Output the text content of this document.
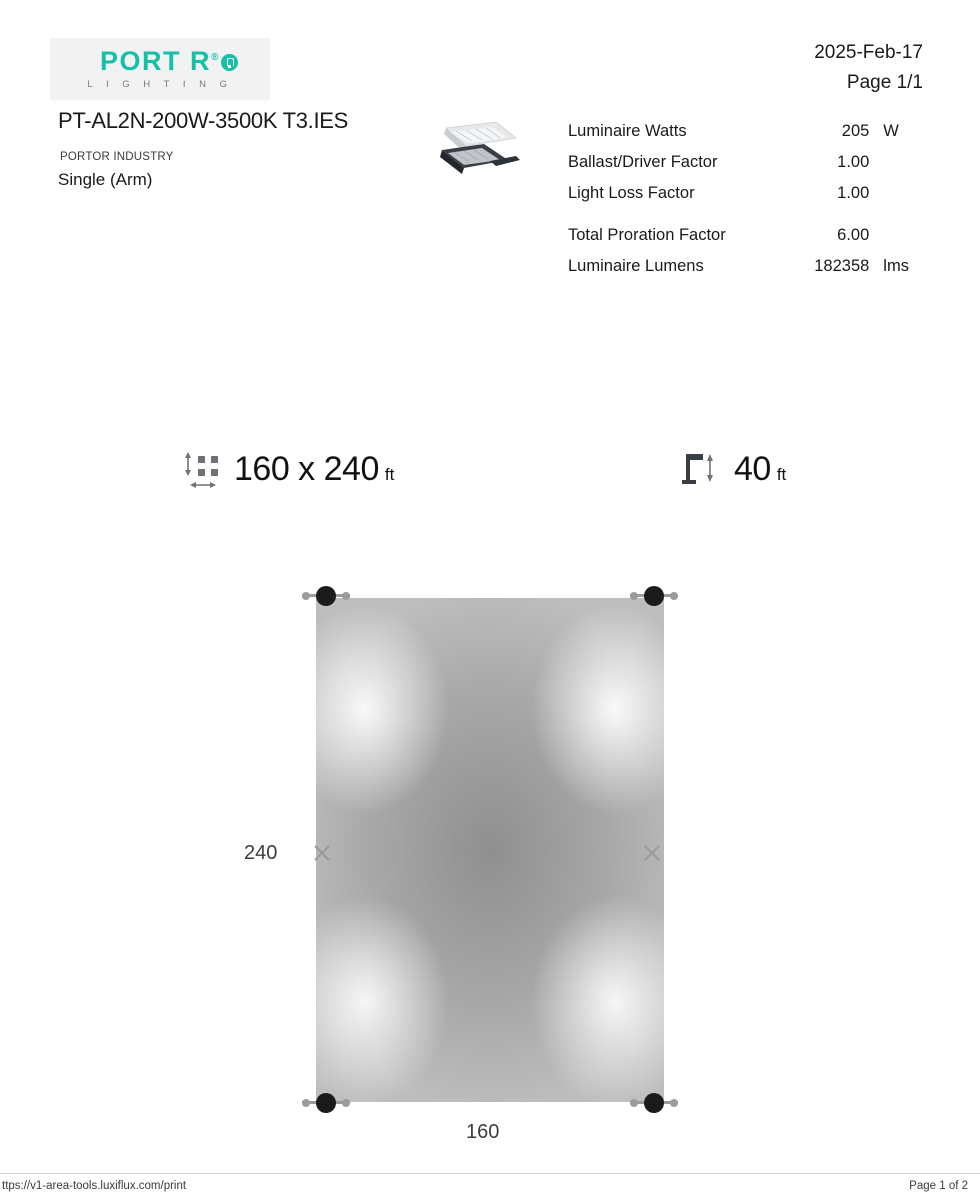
PORT R®
L I G H T I N G
2025-Feb-17
Page 1/1
PT-AL2N-200W-3500K T3.IES
PORTOR INDUSTRY
Single (Arm)
Luminaire Watts	205 W
Ballast/Driver Factor	1.00
Light Loss Factor	1.00
Total Proration Factor	6.00
Luminaire Lumens	182358 lms
160 x 240 ft	40 ft
240
160
ttps://v1-area-tools.luxiflux.com/print	Page 1 of 2
